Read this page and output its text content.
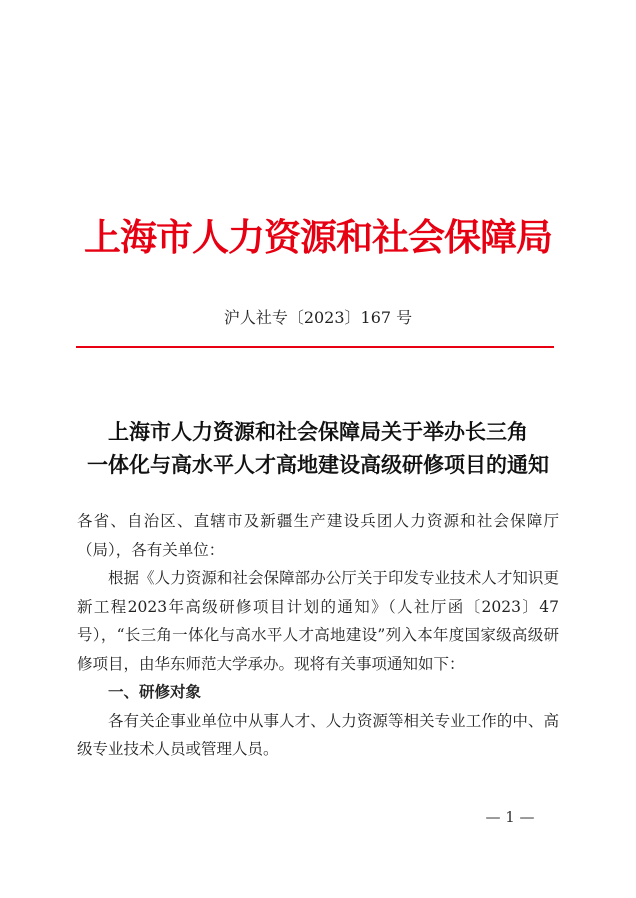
上海市人力资源和社会保障局
沪人社专〔2023〕167 号
上海市人力资源和社会保障局关于举办长三角
一体化与高水平人才高地建设高级研修项目的通知

各省、自治区、直辖市及新疆生产建设兵团人力资源和社会保障厅（局），各有关单位：

根据《人力资源和社会保障部办公厅关于印发专业技术人才知识更新工程2023年高级研修项目计划的通知》（人社厅函〔2023〕47号），“长三角一体化与高水平人才高地建设”列入本年度国家级高级研修项目，由华东师范大学承办。现将有关事项通知如下：

一、研修对象

各有关企事业单位中从事人才、人力资源等相关专业工作的中、高级专业技术人员或管理人员。

— 1 —
